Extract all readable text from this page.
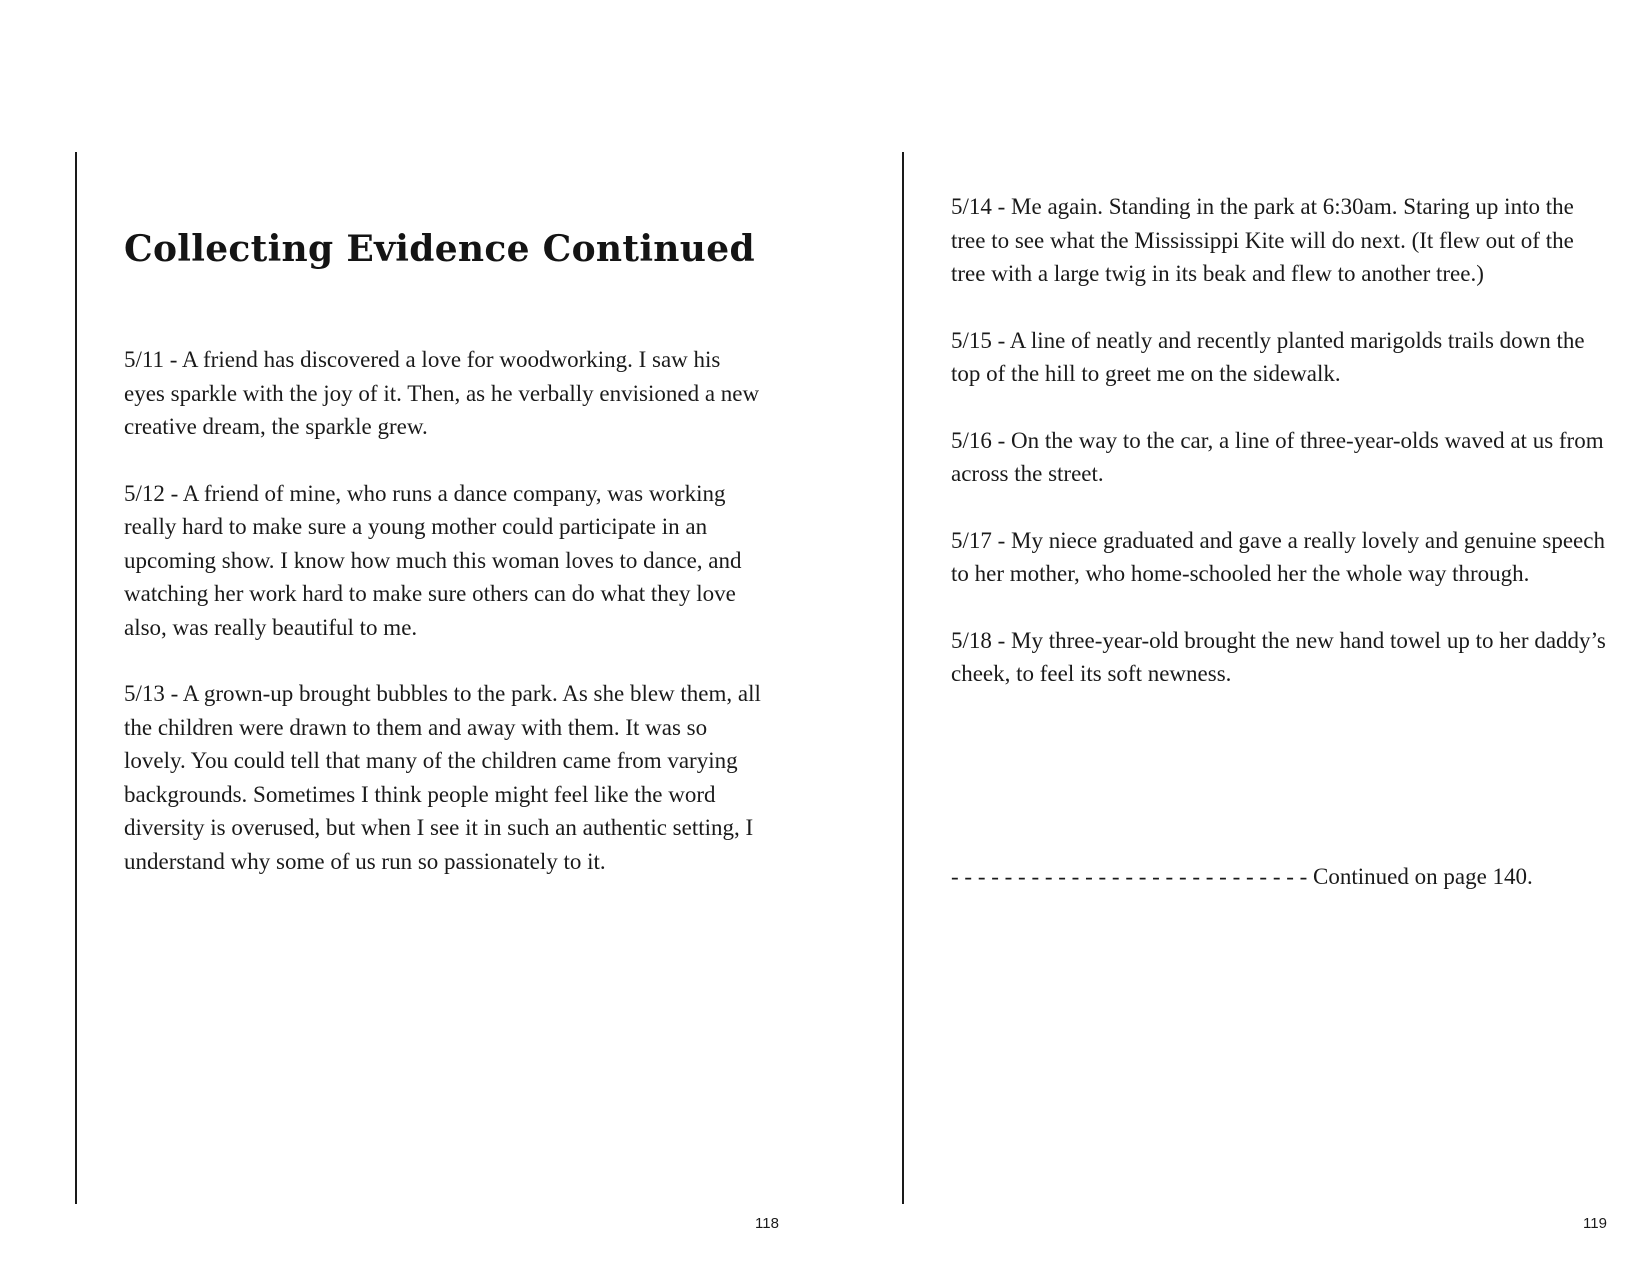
Collecting Evidence Continued

5/11 - A friend has discovered a love for woodworking. I saw his eyes sparkle with the joy of it. Then, as he verbally envisioned a new creative dream, the sparkle grew.

5/12 - A friend of mine, who runs a dance company, was working really hard to make sure a young mother could participate in an upcoming show. I know how much this woman loves to dance, and watching her work hard to make sure others can do what they love also, was really beautiful to me.

5/13 - A grown-up brought bubbles to the park. As she blew them, all the children were drawn to them and away with them. It was so lovely. You could tell that many of the children came from varying backgrounds. Sometimes I think people might feel like the word diversity is overused, but when I see it in such an authentic setting, I understand why some of us run so passionately to it.

5/14 - Me again. Standing in the park at 6:30am. Staring up into the tree to see what the Mississippi Kite will do next. (It flew out of the tree with a large twig in its beak and flew to another tree.)

5/15 - A line of neatly and recently planted marigolds trails down the top of the hill to greet me on the sidewalk.

5/16 - On the way to the car, a line of three-year-olds waved at us from across the street.

5/17 - My niece graduated and gave a really lovely and genuine speech to her mother, who home-schooled her the whole way through.

5/18 - My three-year-old brought the new hand towel up to her daddy’s cheek, to feel its soft newness.

- - - - - - - - - - - - - - - - - - - - - - - - - - - Continued on page 140.
118	119
